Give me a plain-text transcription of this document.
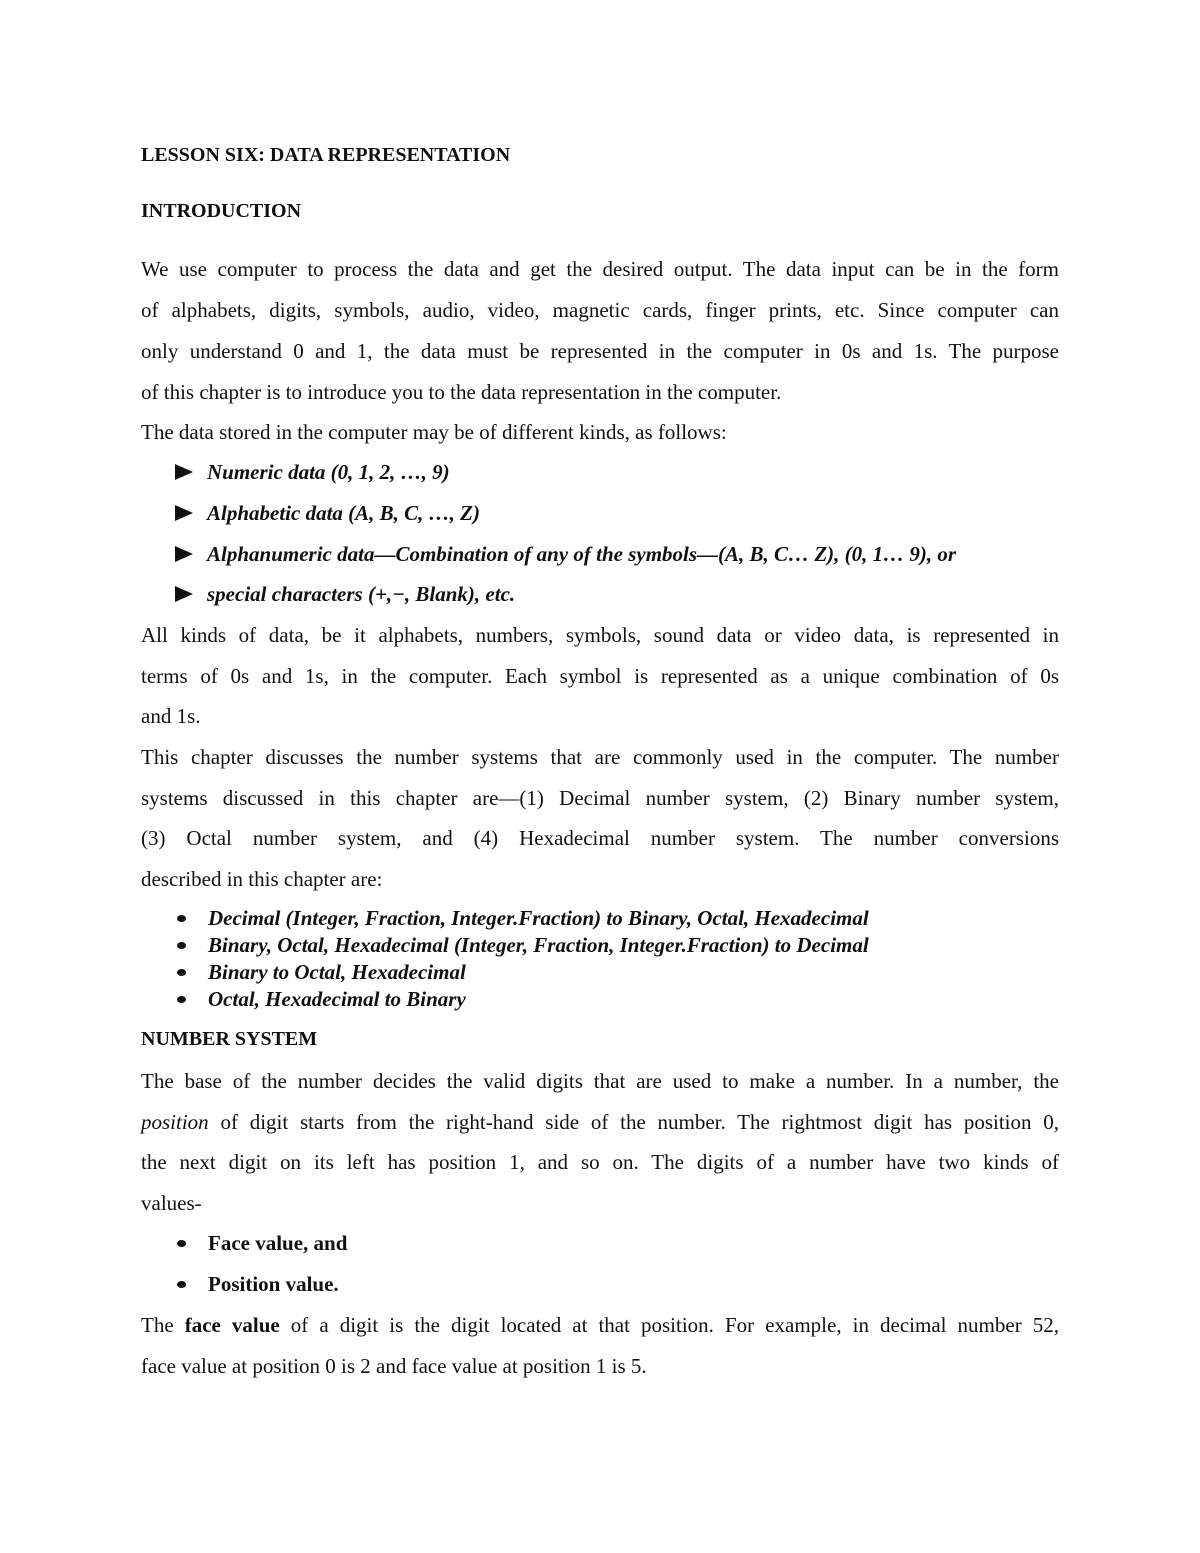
LESSON SIX: DATA REPRESENTATION
INTRODUCTION
We use computer to process the data and get the desired output. The data input can be in the form
of alphabets, digits, symbols, audio, video, magnetic cards, finger prints, etc. Since computer can
only understand 0 and 1, the data must be represented in the computer in 0s and 1s. The purpose
of this chapter is to introduce you to the data representation in the computer.
The data stored in the computer may be of different kinds, as follows:
Numeric data (0, 1, 2, …, 9)
Alphabetic data (A, B, C, …, Z)
Alphanumeric data—Combination of any of the symbols—(A, B, C… Z), (0, 1… 9), or
special characters (+,−, Blank), etc.
All kinds of data, be it alphabets, numbers, symbols, sound data or video data, is represented in
terms of 0s and 1s, in the computer. Each symbol is represented as a unique combination of 0s
and 1s.
This chapter discusses the number systems that are commonly used in the computer. The number
systems discussed in this chapter are—(1) Decimal number system, (2) Binary number system,
(3) Octal number system, and (4) Hexadecimal number system. The number conversions
described in this chapter are:
Decimal (Integer, Fraction, Integer.Fraction) to Binary, Octal, Hexadecimal
Binary, Octal, Hexadecimal (Integer, Fraction, Integer.Fraction) to Decimal
Binary to Octal, Hexadecimal
Octal, Hexadecimal to Binary
NUMBER SYSTEM
The base of the number decides the valid digits that are used to make a number. In a number, the
position of digit starts from the right-hand side of the number. The rightmost digit has position 0,
the next digit on its left has position 1, and so on. The digits of a number have two kinds of
values-
Face value, and
Position value.
The face value of a digit is the digit located at that position. For example, in decimal number 52,
face value at position 0 is 2 and face value at position 1 is 5.
